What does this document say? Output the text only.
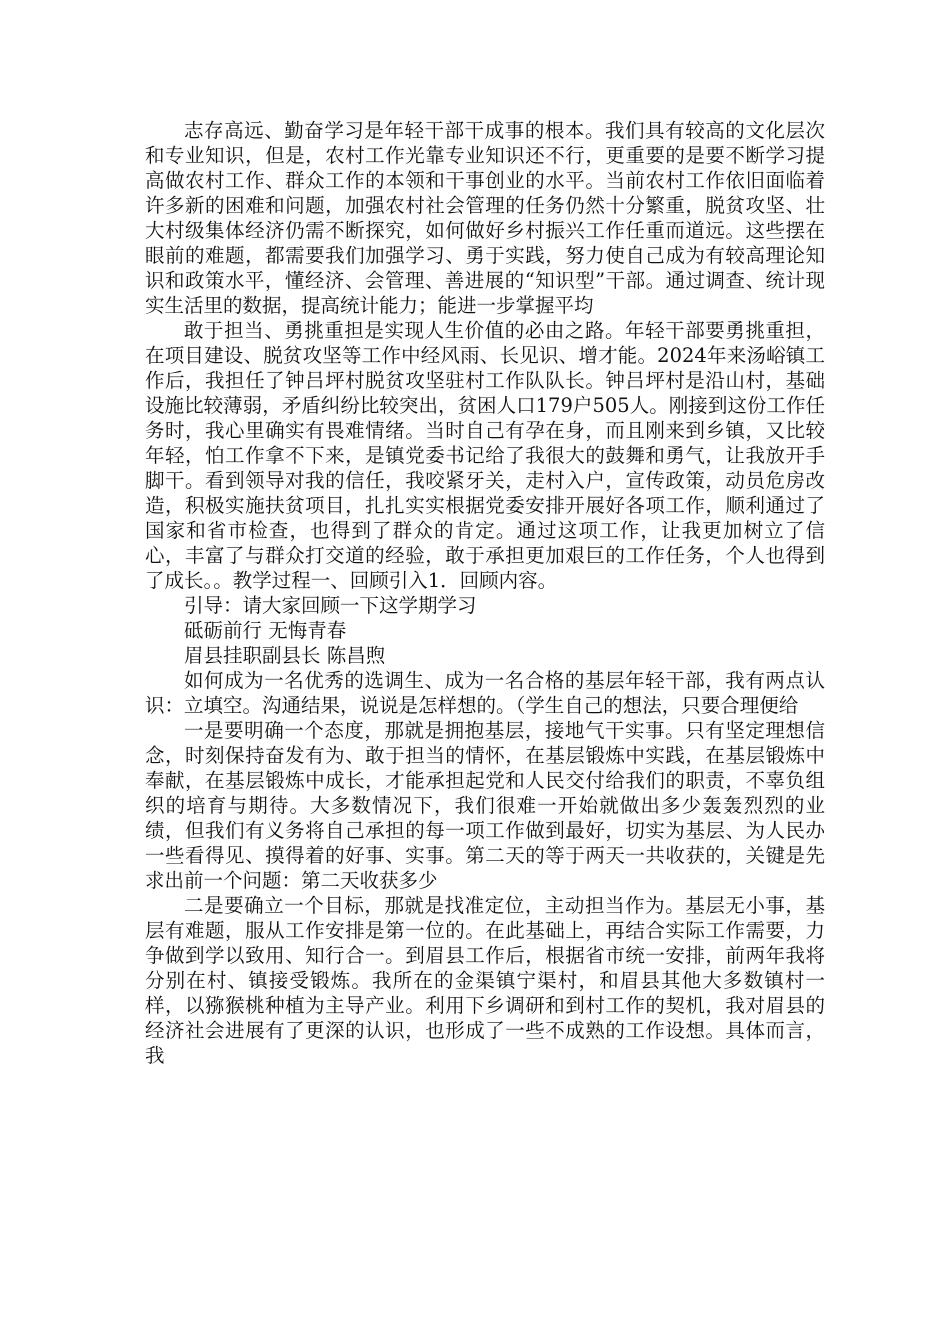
志存高远、勤奋学习是年轻干部干成事的根本。我们具有较高的文化层次和专业知识，但是，农村工作光靠专业知识还不行，更重要的是要不断学习提高做农村工作、群众工作的本领和干事创业的水平。当前农村工作依旧面临着许多新的困难和问题，加强农村社会管理的任务仍然十分繁重，脱贫攻坚、壮大村级集体经济仍需不断探究，如何做好乡村振兴工作任重而道远。这些摆在眼前的难题，都需要我们加强学习、勇于实践，努力使自己成为有较高理论知识和政策水平，懂经济、会管理、善进展的“知识型”干部。通过调查、统计现实生活里的数据，提高统计能力；能进一步掌握平均

敢于担当、勇挑重担是实现人生价值的必由之路。年轻干部要勇挑重担，在项目建设、脱贫攻坚等工作中经风雨、长见识、增才能。2024年来汤峪镇工作后，我担任了钟吕坪村脱贫攻坚驻村工作队队长。钟吕坪村是沿山村，基础设施比较薄弱，矛盾纠纷比较突出，贫困人口179户505人。刚接到这份工作任务时，我心里确实有畏难情绪。当时自己有孕在身，而且刚来到乡镇，又比较年轻，怕工作拿不下来，是镇党委书记给了我很大的鼓舞和勇气，让我放开手脚干。看到领导对我的信任，我咬紧牙关，走村入户，宣传政策，动员危房改造，积极实施扶贫项目，扎扎实实根据党委安排开展好各项工作，顺利通过了国家和省市检查，也得到了群众的肯定。通过这项工作，让我更加树立了信心，丰富了与群众打交道的经验，敢于承担更加艰巨的工作任务，个人也得到了成长。。教学过程一、回顾引入1．回顾内容。

引导：请大家回顾一下这学期学习

砥砺前行 无悔青春

眉县挂职副县长 陈昌煦

如何成为一名优秀的选调生、成为一名合格的基层年轻干部，我有两点认识：立填空。沟通结果，说说是怎样想的。（学生自己的想法，只要合理便给

一是要明确一个态度，那就是拥抱基层，接地气干实事。只有坚定理想信念，时刻保持奋发有为、敢于担当的情怀，在基层锻炼中实践，在基层锻炼中奉献，在基层锻炼中成长，才能承担起党和人民交付给我们的职责，不辜负组织的培育与期待。大多数情况下，我们很难一开始就做出多少轰轰烈烈的业绩，但我们有义务将自己承担的每一项工作做到最好，切实为基层、为人民办一些看得见、摸得着的好事、实事。第二天的等于两天一共收获的，关键是先求出前一个问题：第二天收获多少

二是要确立一个目标，那就是找准定位，主动担当作为。基层无小事，基层有难题，服从工作安排是第一位的。在此基础上，再结合实际工作需要，力争做到学以致用、知行合一。到眉县工作后，根据省市统一安排，前两年我将分别在村、镇接受锻炼。我所在的金渠镇宁渠村，和眉县其他大多数镇村一样，以猕猴桃种植为主导产业。利用下乡调研和到村工作的契机，我对眉县的经济社会进展有了更深的认识，也形成了一些不成熟的工作设想。具体而言，我
